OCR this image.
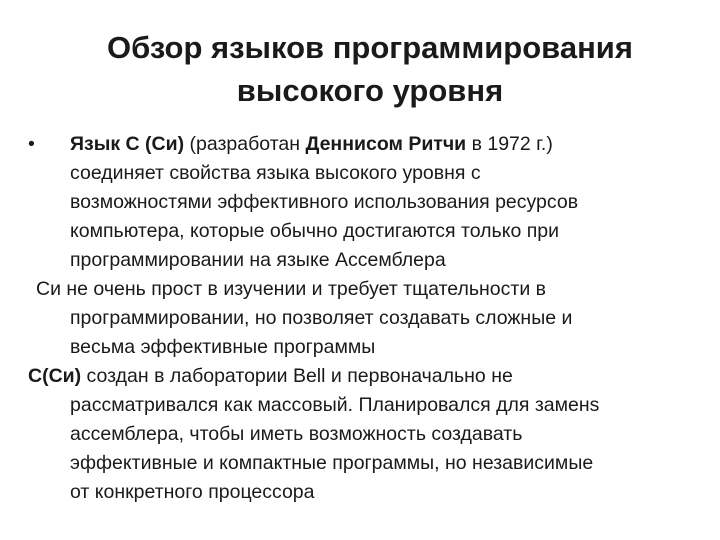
Обзор языков программирования
высокого уровня
•	Язык С (Си) (разработан Деннисом Ритчи в 1972 г.)
соединяет свойства языка высокого уровня с
возможностями эффективного использования ресурсов
компьютера, которые обычно достигаются только при
программировании на языке Ассемблера
Си не очень прост в изучении и требует тщательности в
программировании, но позволяет создавать сложные и
весьма эффективные программы
С(Си) создан в лаборатории Bell и первоначально не
рассматривался как массовый. Планировался для заменs
ассемблера, чтобы иметь возможность создавать
эффективные и компактные программы, но независимые
от конкретного процессора
